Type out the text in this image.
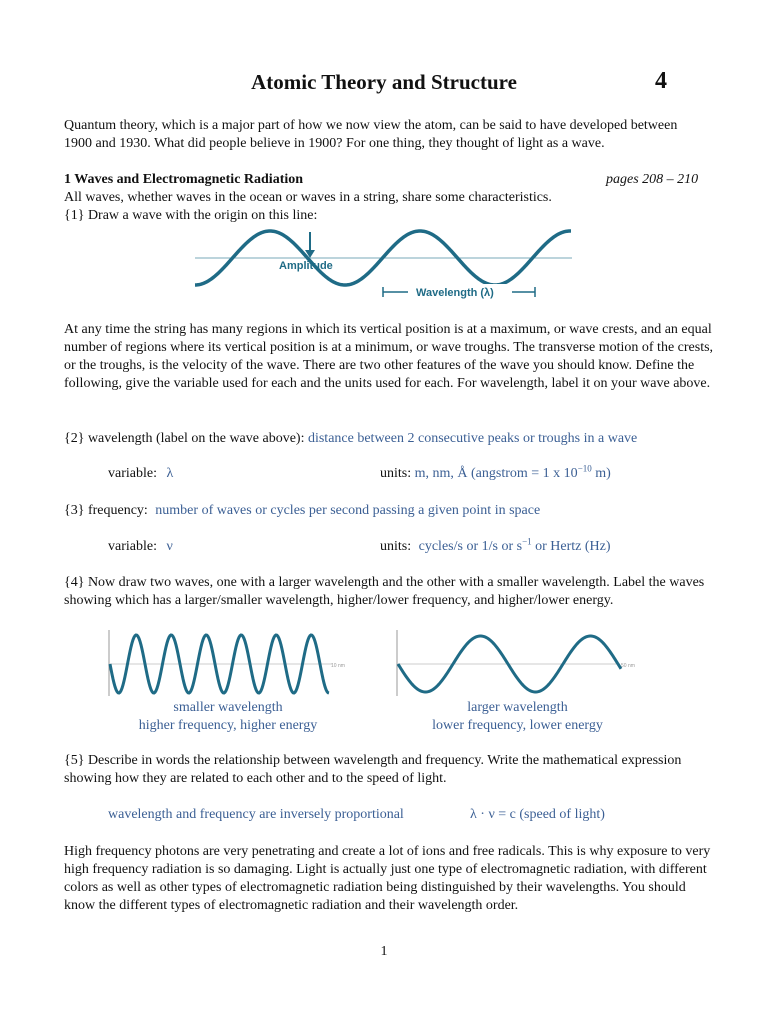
Atomic Theory and Structure	4

Quantum theory, which is a major part of how we now view the atom, can be said to have developed between 1900 and 1930. What did people believe in 1900? For one thing, they thought of light as a wave.

1 Waves and Electromagnetic Radiation	pages 208 – 210
All waves, whether waves in the ocean or waves in a string, share some characteristics.
{1} Draw a wave with the origin on this line:
Amplitude
Wavelength (λ)

At any time the string has many regions in which its vertical position is at a maximum, or wave crests, and an equal number of regions where its vertical position is at a minimum, or wave troughs. The transverse motion of the crests, or the troughs, is the velocity of the wave. There are two other features of the wave you should know. Define the following, give the variable used for each and the units used for each. For wavelength, label it on your wave above.

{2} wavelength (label on the wave above): distance between 2 consecutive peaks or troughs in a wave
variable: λ	units: m, nm, Å (angstrom = 1 x $10^{-10}$ m)
{3} frequency: number of waves or cycles per second passing a given point in space
variable: ν	units: cycles/s or 1/s or $s^{-1}$ or Hertz (Hz)

{4} Now draw two waves, one with a larger wavelength and the other with a smaller wavelength. Label the waves showing which has a larger/smaller wavelength, higher/lower frequency, and higher/lower energy.

10 nm	50 nm
smaller wavelength
higher frequency, higher energy
larger wavelength
lower frequency, lower energy

{5} Describe in words the relationship between wavelength and frequency. Write the mathematical expression showing how they are related to each other and to the speed of light.

wavelength and frequency are inversely proportional	λ · ν = c (speed of light)

High frequency photons are very penetrating and create a lot of ions and free radicals. This is why exposure to very high frequency radiation is so damaging. Light is actually just one type of electromagnetic radiation, with different colors as well as other types of electromagnetic radiation being distinguished by their wavelengths. You should know the different types of electromagnetic radiation and their wavelength order.

1
